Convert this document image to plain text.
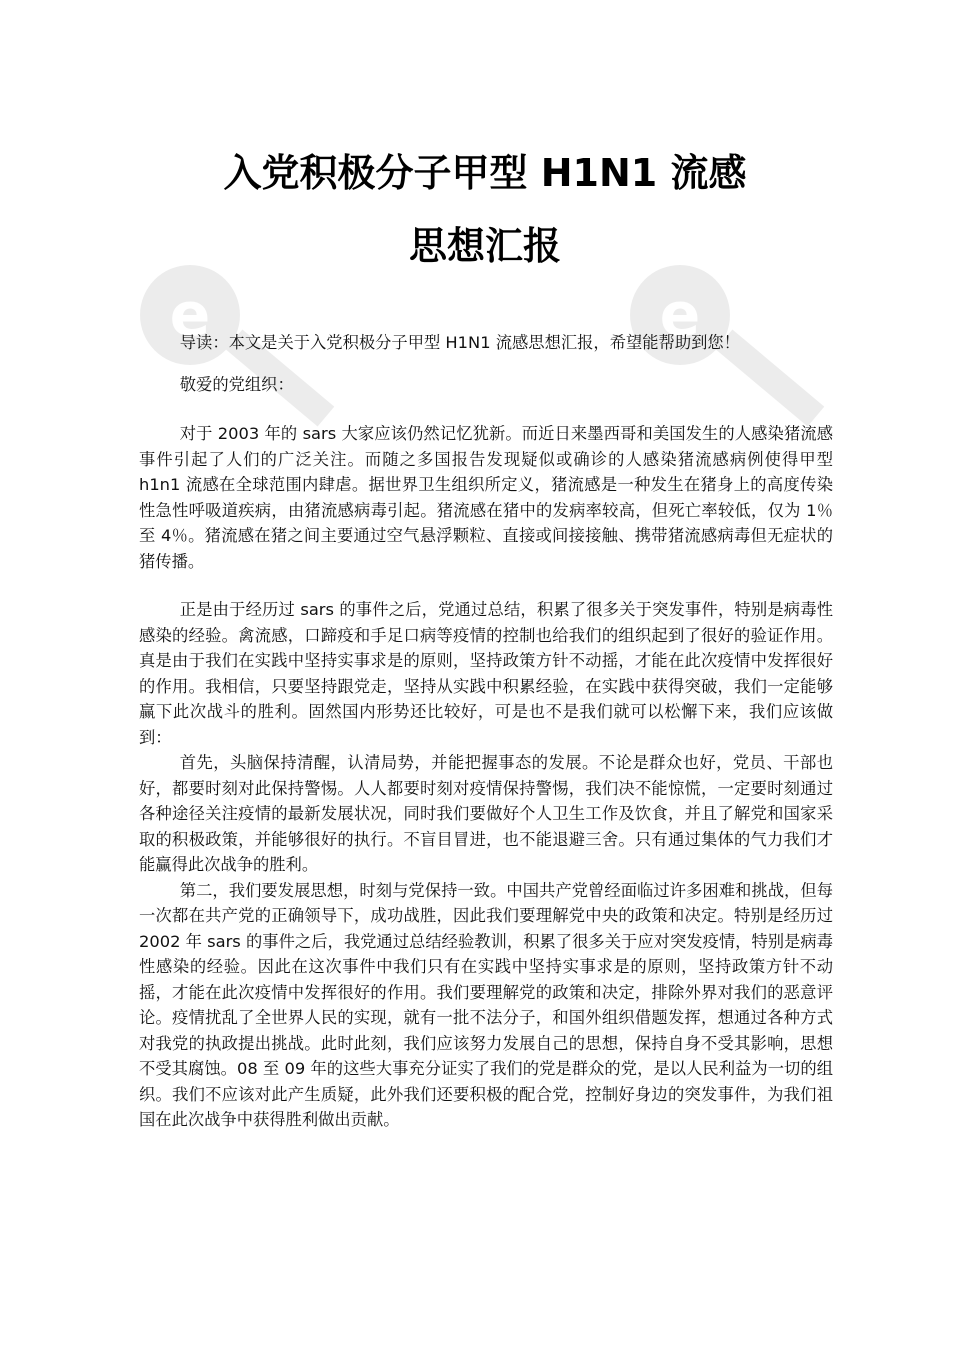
e	e
入党积极分子甲型 H1N1 流感
思想汇报

导读：本文是关于入党积极分子甲型 H1N1 流感思想汇报，希望能帮助到您！

敬爱的党组织：

对于 2003 年的 sars 大家应该仍然记忆犹新。而近日来墨西哥和美国发生的人感染猪流感事件引起了人们的广泛关注。而随之多国报告发现疑似或确诊的人感染猪流感病例使得甲型 h1n1 流感在全球范围内肆虐。据世界卫生组织所定义，猪流感是一种发生在猪身上的高度传染性急性呼吸道疾病，由猪流感病毒引起。猪流感在猪中的发病率较高，但死亡率较低，仅为 1％至 4％。猪流感在猪之间主要通过空气悬浮颗粒、直接或间接接触、携带猪流感病毒但无症状的猪传播。

正是由于经历过 sars 的事件之后，党通过总结，积累了很多关于突发事件，特别是病毒性感染的经验。禽流感，口蹄疫和手足口病等疫情的控制也给我们的组织起到了很好的验证作用。真是由于我们在实践中坚持实事求是的原则，坚持政策方针不动摇，才能在此次疫情中发挥很好的作用。我相信，只要坚持跟党走，坚持从实践中积累经验，在实践中获得突破，我们一定能够赢下此次战斗的胜利。固然国内形势还比较好，可是也不是我们就可以松懈下来，我们应该做到：

首先，头脑保持清醒，认清局势，并能把握事态的发展。不论是群众也好，党员、干部也好，都要时刻对此保持警惕。人人都要时刻对疫情保持警惕，我们决不能惊慌，一定要时刻通过各种途径关注疫情的最新发展状况，同时我们要做好个人卫生工作及饮食，并且了解党和国家采取的积极政策，并能够很好的执行。不盲目冒进，也不能退避三舍。只有通过集体的气力我们才能赢得此次战争的胜利。

第二，我们要发展思想，时刻与党保持一致。中国共产党曾经面临过许多困难和挑战，但每一次都在共产党的正确领导下，成功战胜，因此我们要理解党中央的政策和决定。特别是经历过 2002 年 sars 的事件之后，我党通过总结经验教训，积累了很多关于应对突发疫情，特别是病毒性感染的经验。因此在这次事件中我们只有在实践中坚持实事求是的原则，坚持政策方针不动摇，才能在此次疫情中发挥很好的作用。我们要理解党的政策和决定，排除外界对我们的恶意评论。疫情扰乱了全世界人民的实现，就有一批不法分子，和国外组织借题发挥，想通过各种方式对我党的执政提出挑战。此时此刻，我们应该努力发展自己的思想，保持自身不受其影响，思想不受其腐蚀。08 至 09 年的这些大事充分证实了我们的党是群众的党，是以人民利益为一切的组织。我们不应该对此产生质疑，此外我们还要积极的配合党，控制好身边的突发事件，为我们祖国在此次战争中获得胜利做出贡献。
